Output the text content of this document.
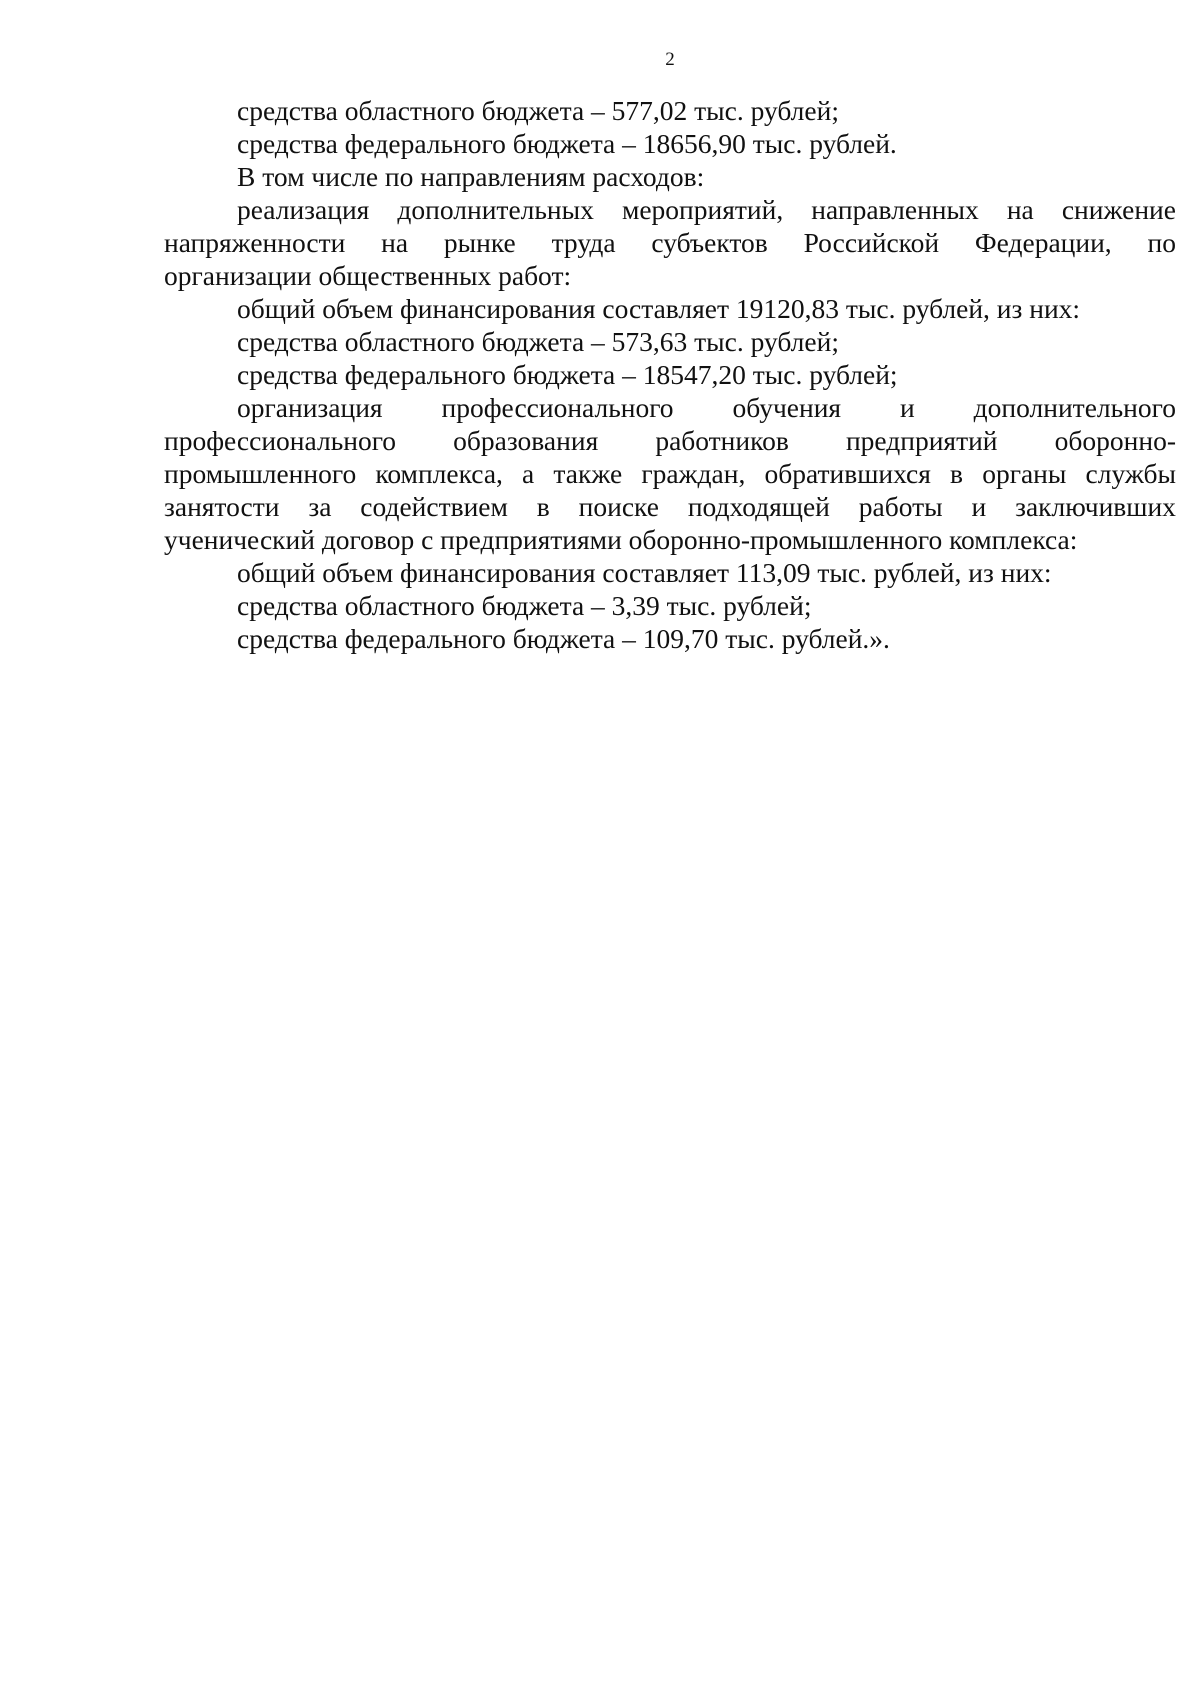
2
средства областного бюджета – 577,02 тыс. рублей;
средства федерального бюджета – 18656,90 тыс. рублей.
В том числе по направлениям расходов:
реализация дополнительных мероприятий, направленных на снижение
напряженности на рынке труда субъектов Российской Федерации, по
организации общественных работ:
общий объем финансирования составляет 19120,83 тыс. рублей, из них:
средства областного бюджета – 573,63 тыс. рублей;
средства федерального бюджета – 18547,20 тыс. рублей;
организация профессионального обучения и дополнительного
профессионального образования работников предприятий оборонно-
промышленного комплекса, а также граждан, обратившихся в органы службы
занятости за содействием в поиске подходящей работы и заключивших
ученический договор с предприятиями оборонно-промышленного комплекса:
общий объем финансирования составляет 113,09 тыс. рублей, из них:
средства областного бюджета – 3,39 тыс. рублей;
средства федерального бюджета – 109,70 тыс. рублей.».
